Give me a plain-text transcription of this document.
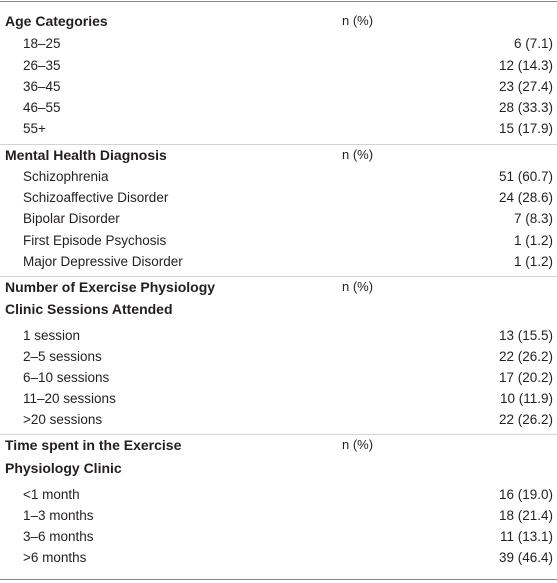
Age Categories	n (%)
18–25	6 (7.1)
26–35	12 (14.3)
36–45	23 (27.4)
46–55	28 (33.3)
55+	15 (17.9)
Mental Health Diagnosis	n (%)
Schizophrenia	51 (60.7)
Schizoaffective Disorder	24 (28.6)
Bipolar Disorder	7 (8.3)
First Episode Psychosis	1 (1.2)
Major Depressive Disorder	1 (1.2)
Number of Exercise Physiology	n (%)
Clinic Sessions Attended
1 session	13 (15.5)
2–5 sessions	22 (26.2)
6–10 sessions	17 (20.2)
11–20 sessions	10 (11.9)
>20 sessions	22 (26.2)
Time spent in the Exercise	n (%)
Physiology Clinic
<1 month	16 (19.0)
1–3 months	18 (21.4)
3–6 months	11 (13.1)
>6 months	39 (46.4)
